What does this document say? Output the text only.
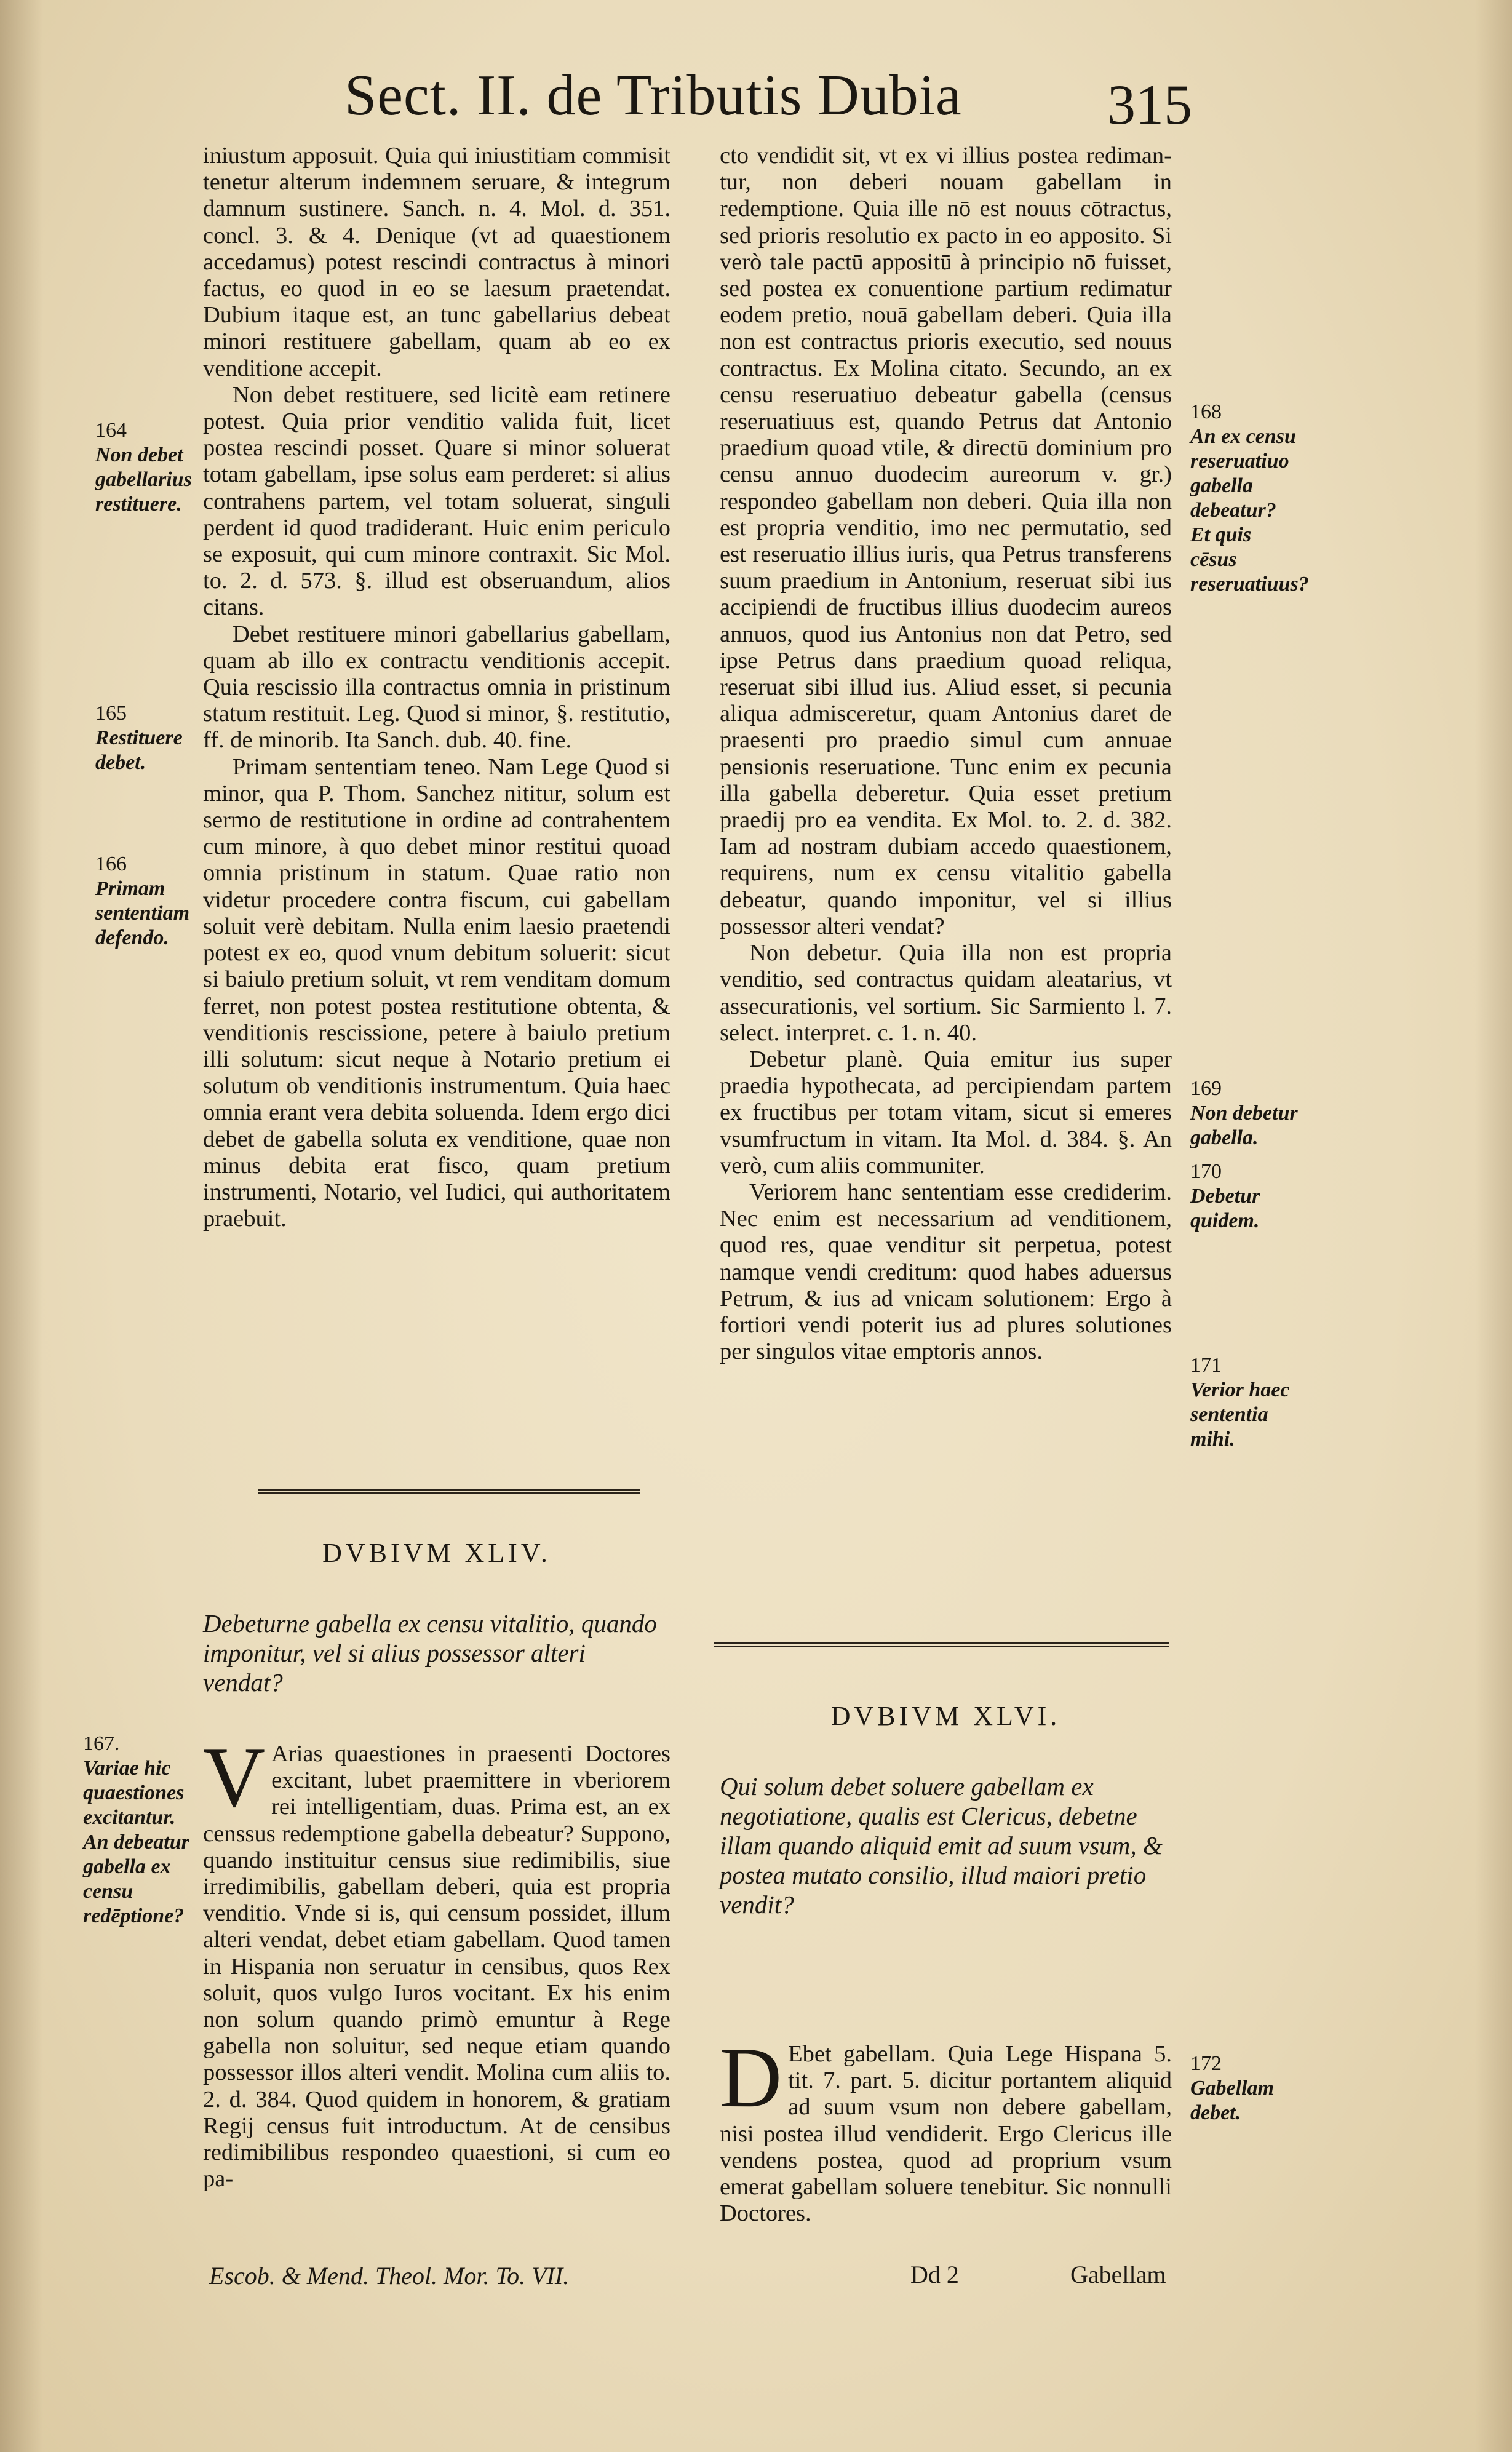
Sect. II. de Tributis Dubia	315

iniustum apposuit. Quia qui iniustitiam commisit tenetur alterum indemnem seruare, & integrum damnum sustinere. Sanch. n. 4. Mol. d. 351. concl. 3. & 4. Denique (vt ad quaestionem accedamus) potest rescindi contractus à minori factus, eo quod in eo se laesum praetendat. Dubium itaque est, an tunc gabellarius debeat minori restituere gabellam, quam ab eo ex venditione accepit.

Non debet restituere, sed licitè eam retinere potest. Quia prior venditio valida fuit, licet postea rescindi posset. Quare si minor soluerat totam gabellam, ipse solus eam perderet: si alius contrahens partem, vel totam soluerat, singuli perdent id quod tradiderant. Huic enim periculo se exposuit, qui cum minore contraxit. Sic Mol. to. 2. d. 573. §. illud est obseruandum, alios citans.

Debet restituere minori gabellarius gabellam, quam ab illo ex contractu venditionis accepit. Quia rescissio illa contractus omnia in pristinum statum restituit. Leg. Quod si minor, §. restitutio, ff. de minorib. Ita Sanch. dub. 40. fine.

Primam sententiam teneo. Nam Lege Quod si minor, qua P. Thom. Sanchez nititur, solum est sermo de restitutione in ordine ad contrahentem cum minore, à quo debet minor restitui quoad omnia pristinum in statum. Quae ratio non videtur procedere contra fiscum, cui gabellam soluit verè debitam. Nulla enim laesio praetendi potest ex eo, quod vnum debitum soluerit: sicut si baiulo pretium soluit, vt rem venditam domum ferret, non potest postea restitutione obtenta, & venditionis rescissione, petere à baiulo pretium illi solutum: sicut neque à Notario pretium ei solutum ob venditionis instrumentum. Quia haec omnia erant vera debita soluenda. Idem ergo dici debet de gabella soluta ex venditione, quae non minus debita erat fisco, quam pretium instrumenti, Notario, vel Iudici, qui authoritatem praebuit.

DVBIVM XLIV.
Debeturne gabella ex censu vitalitio, quando imponitur, vel si alius possessor alteri vendat?

V Arias quaestiones in praesenti Doctores excitant, lubet praemittere in vberiorem rei intelligentiam, duas. Prima est, an ex censsus redemptione gabella debeatur? Suppono, quando instituitur census siue redimibilis, siue irredimibilis, gabellam deberi, quia est propria venditio. Vnde si is, qui censum possidet, illum alteri vendat, debet etiam gabellam. Quod tamen in Hispania non seruatur in censibus, quos Rex soluit, quos vulgo Iuros vocitant. Ex his enim non solum quando primò emuntur à Rege gabella non soluitur, sed neque etiam quando possessor illos alteri vendit. Molina cum aliis to. 2. d. 384. Quod quidem in honorem, & gratiam Regij census fuit introductum. At de censibus redimibilibus respondeo quaestioni, si cum eo pa-

Escob. & Mend. Theol. Mor. To. VII.

cto vendidit sit, vt ex vi illius postea rediman-tur, non deberi nouam gabellam in redemptione. Quia ille nō est nouus cōtractus, sed prioris resolutio ex pacto in eo apposito. Si verò tale pactū appositū à principio nō fuisset, sed postea ex conuentione partium redimatur eodem pretio, nouā gabellam deberi. Quia illa non est contractus prioris executio, sed nouus contractus. Ex Molina citato. Secundo, an ex censu reseruatiuo debeatur gabella (census reseruatiuus est, quando Petrus dat Antonio praedium quoad vtile, & directū dominium pro censu annuo duodecim aureorum v. gr.) respondeo gabellam non deberi. Quia illa non est propria venditio, imo nec permutatio, sed est reseruatio illius iuris, qua Petrus transferens suum praedium in Antonium, reseruat sibi ius accipiendi de fructibus illius duodecim aureos annuos, quod ius Antonius non dat Petro, sed ipse Petrus dans praedium quoad reliqua, reseruat sibi illud ius. Aliud esset, si pecunia aliqua admisceretur, quam Antonius daret de praesenti pro praedio simul cum annuae pensionis reseruatione. Tunc enim ex pecunia illa gabella deberetur. Quia esset pretium praedij pro ea vendita. Ex Mol. to. 2. d. 382. Iam ad nostram dubiam accedo quaestionem, requirens, num ex censu vitalitio gabella debeatur, quando imponitur, vel si illius possessor alteri vendat?

Non debetur. Quia illa non est propria venditio, sed contractus quidam aleatarius, vt assecurationis, vel sortium. Sic Sarmiento l. 7. select. interpret. c. 1. n. 40.

Debetur planè. Quia emitur ius super praedia hypothecata, ad percipiendam partem ex fructibus per totam vitam, sicut si emeres vsumfructum in vitam. Ita Mol. d. 384. §. An verò, cum aliis communiter.

Veriorem hanc sententiam esse crediderim. Nec enim est necessarium ad venditionem, quod res, quae venditur sit perpetua, potest namque vendi creditum: quod habes aduersus Petrum, & ius ad vnicam solutionem: Ergo à fortiori vendi poterit ius ad plures solutiones per singulos vitae emptoris annos.

DVBIVM XLVI.
Qui solum debet soluere gabellam ex negotiatione, qualis est Clericus, debetne illam quando aliquid emit ad suum vsum, & postea mutato consilio, illud maiori pretio vendit?

D Ebet gabellam. Quia Lege Hispana 5. tit. 7. part. 5. dicitur portantem aliquid ad suum vsum non debere gabellam, nisi postea illud vendiderit. Ergo Clericus ille vendens postea, quod ad proprium vsum emerat gabellam soluere tenebitur. Sic nonnulli Doctores.

Dd 2	Gabellam
164
Non debet gabellarius restituere.
165
Restituere debet.
166
Primam sententiam defendo.
167.
Variae hic quaestiones excitantur. An debeatur gabella ex censu redēptione?
168
An ex censu reseruatiuo gabella debeatur? Et quis cēsus reseruatiuus?
169
Non debetur gabella.
170
Debetur quidem.
171
Verior haec sententia mihi.
172
Gabellam debet.
